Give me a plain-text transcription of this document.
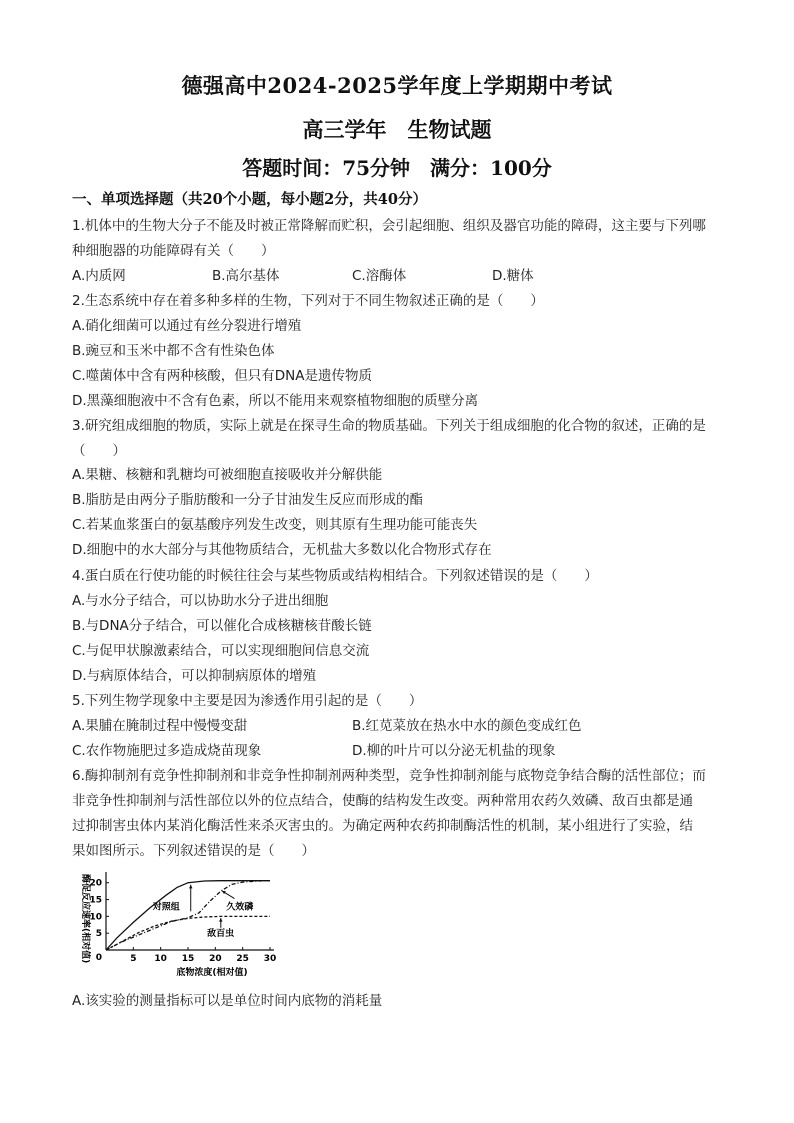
德强高中2024-2025学年度上学期期中考试
高三学年　生物试题
答题时间：75分钟　满分：100分
一、单项选择题（共20个小题，每小题2分，共40分）
1.机体中的生物大分子不能及时被正常降解而贮积，会引起细胞、组织及器官功能的障碍，这主要与下列哪
种细胞器的功能障碍有关（　　）
A.内质网	B.高尔基体	C.溶酶体	D.糖体
2.生态系统中存在着多种多样的生物，下列对于不同生物叙述正确的是（　　）
A.硝化细菌可以通过有丝分裂进行增殖
B.豌豆和玉米中都不含有性染色体
C.噬菌体中含有两种核酸，但只有DNA是遗传物质
D.黑藻细胞液中不含有色素，所以不能用来观察植物细胞的质壁分离
3.研究组成细胞的物质，实际上就是在探寻生命的物质基础。下列关于组成细胞的化合物的叙述，正确的是
（　　）
A.果糖、核糖和乳糖均可被细胞直接吸收并分解供能
B.脂肪是由两分子脂肪酸和一分子甘油发生反应而形成的酯
C.若某血浆蛋白的氨基酸序列发生改变，则其原有生理功能可能丧失
D.细胞中的水大部分与其他物质结合，无机盐大多数以化合物形式存在
4.蛋白质在行使功能的时候往往会与某些物质或结构相结合。下列叙述错误的是（　　）
A.与水分子结合，可以协助水分子进出细胞
B.与DNA分子结合，可以催化合成核糖核苷酸长链
C.与促甲状腺激素结合，可以实现细胞间信息交流
D.与病原体结合，可以抑制病原体的增殖
5.下列生物学现象中主要是因为渗透作用引起的是（　　）
A.果脯在腌制过程中慢慢变甜	B.红苋菜放在热水中水的颜色变成红色
C.农作物施肥过多造成烧苗现象	D.柳的叶片可以分泌无机盐的现象
6.酶抑制剂有竞争性抑制剂和非竞争性抑制剂两种类型，竞争性抑制剂能与底物竞争结合酶的活性部位；而
非竞争性抑制剂与活性部位以外的位点结合，使酶的结构发生改变。两种常用农药久效磷、敌百虫都是通
过抑制害虫体内某消化酶活性来杀灭害虫的。为确定两种农药抑制酶活性的机制，某小组进行了实验，结
果如图所示。下列叙述错误的是（　　）
酶促反应速率(相对值)
底物浓度(相对值)
0	5 10 15 20 25 30
5
10
15
20
对照组	久效磷
敌百虫
A.该实验的测量指标可以是单位时间内底物的消耗量
